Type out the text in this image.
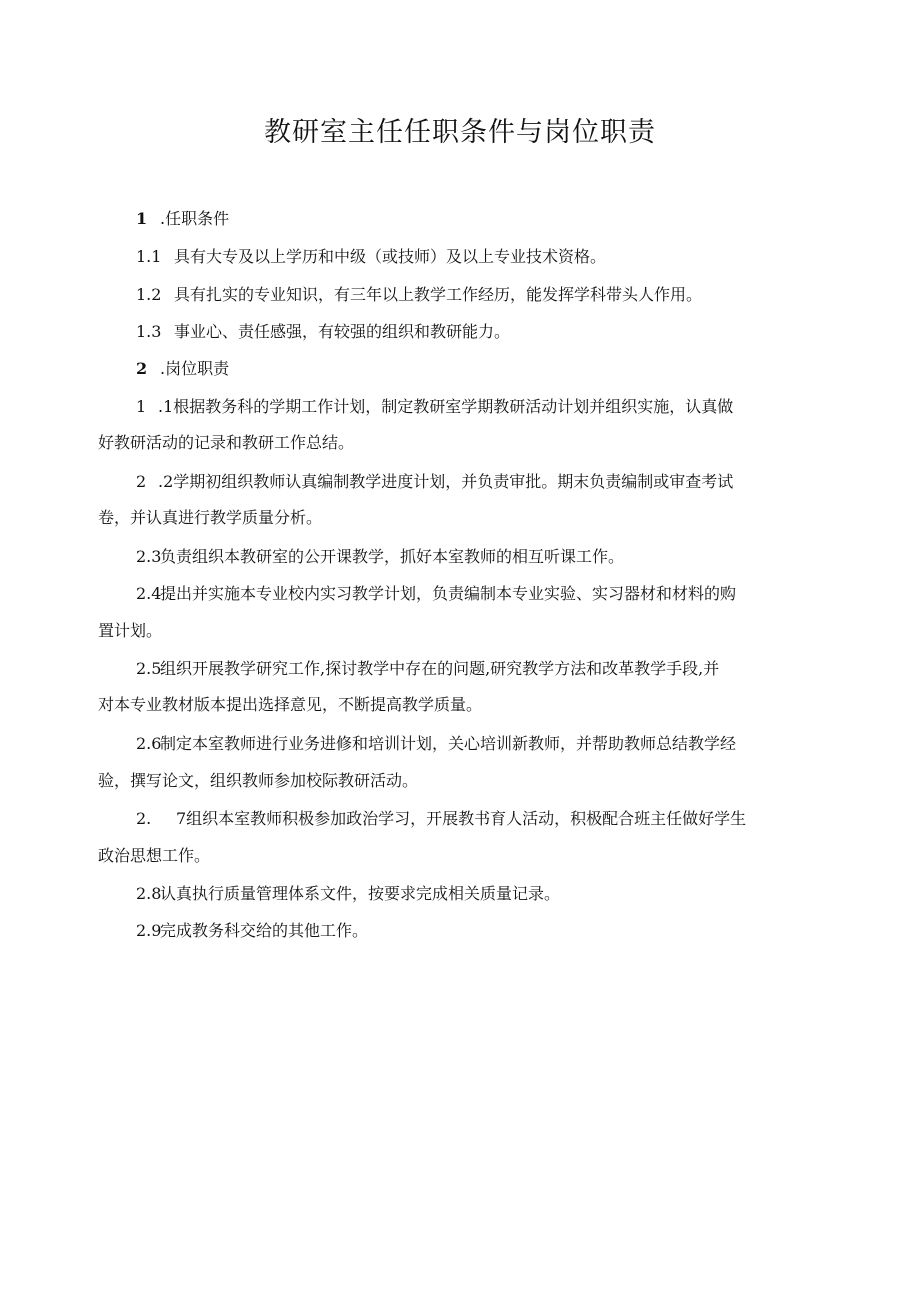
教研室主任任职条件与岗位职责
1 .任职条件
1.1 具有大专及以上学历和中级（或技师）及以上专业技术资格。
1.2 具有扎实的专业知识，有三年以上教学工作经历，能发挥学科带头人作用。
1.3 事业心、责任感强，有较强的组织和教研能力。
2 .岗位职责
1 .1根据教务科的学期工作计划，制定教研室学期教研活动计划并组织实施，认真做
好教研活动的记录和教研工作总结。
2 .2学期初组织教师认真编制教学进度计划，并负责审批。期末负责编制或审查考试
卷，并认真进行教学质量分析。
2.3负责组织本教研室的公开课教学，抓好本室教师的相互听课工作。
2.4提出并实施本专业校内实习教学计划，负责编制本专业实验、实习器材和材料的购
置计划。
2.5组织开展教学研究工作,探讨教学中存在的问题,研究教学方法和改革教学手段,并
对本专业教材版本提出选择意见，不断提高教学质量。
2.6制定本室教师进行业务进修和培训计划，关心培训新教师，并帮助教师总结教学经
验，撰写论文，组织教师参加校际教研活动。
2. 7组织本室教师积极参加政治学习，开展教书育人活动，积极配合班主任做好学生
政治思想工作。
2.8认真执行质量管理体系文件，按要求完成相关质量记录。
2.9完成教务科交给的其他工作。
